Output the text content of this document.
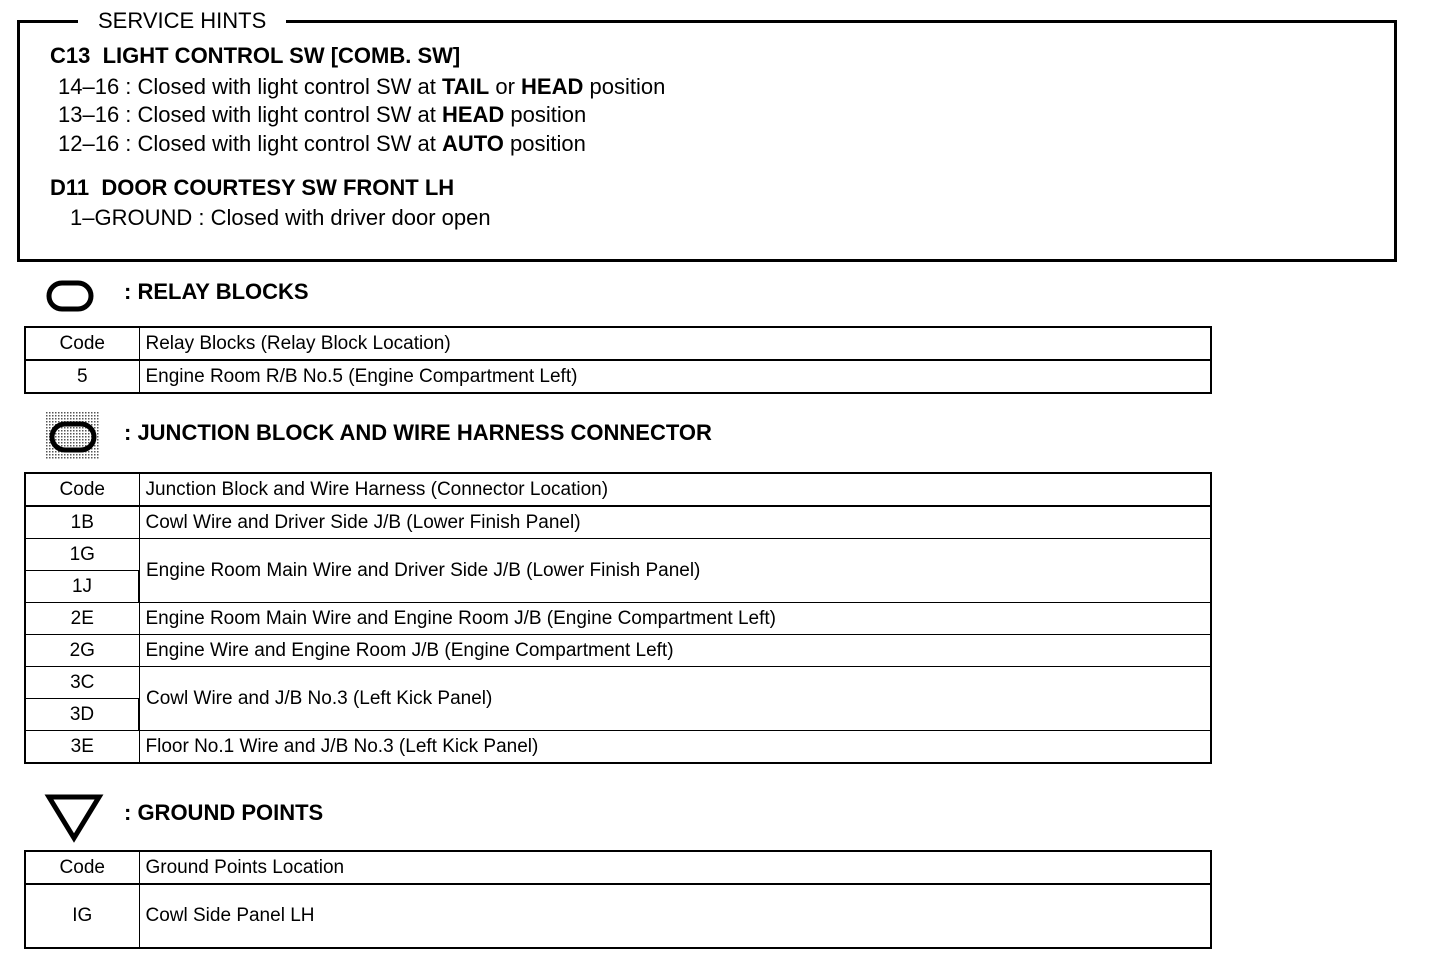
SERVICE HINTS
C13  LIGHT CONTROL SW [COMB. SW]
14–16 : Closed with light control SW at TAIL or HEAD position
13–16 : Closed with light control SW at HEAD position
12–16 : Closed with light control SW at AUTO position
D11  DOOR COURTESY SW FRONT LH
1–GROUND : Closed with driver door open
: RELAY BLOCKS
Code	Relay Blocks (Relay Block Location)
5	Engine Room R/B No.5 (Engine Compartment Left)
: JUNCTION BLOCK AND WIRE HARNESS CONNECTOR
Code	Junction Block and Wire Harness (Connector Location)
1B	Cowl Wire and Driver Side J/B (Lower Finish Panel)
1G	Engine Room Main Wire and Driver Side J/B (Lower Finish Panel)
1J	
2E	Engine Room Main Wire and Engine Room J/B (Engine Compartment Left)
2G	Engine Wire and Engine Room J/B (Engine Compartment Left)
3C	Cowl Wire and J/B No.3 (Left Kick Panel)
3D	
3E	Floor No.1 Wire and J/B No.3 (Left Kick Panel)
: GROUND POINTS
Code	Ground Points Location
IG	Cowl Side Panel LH
